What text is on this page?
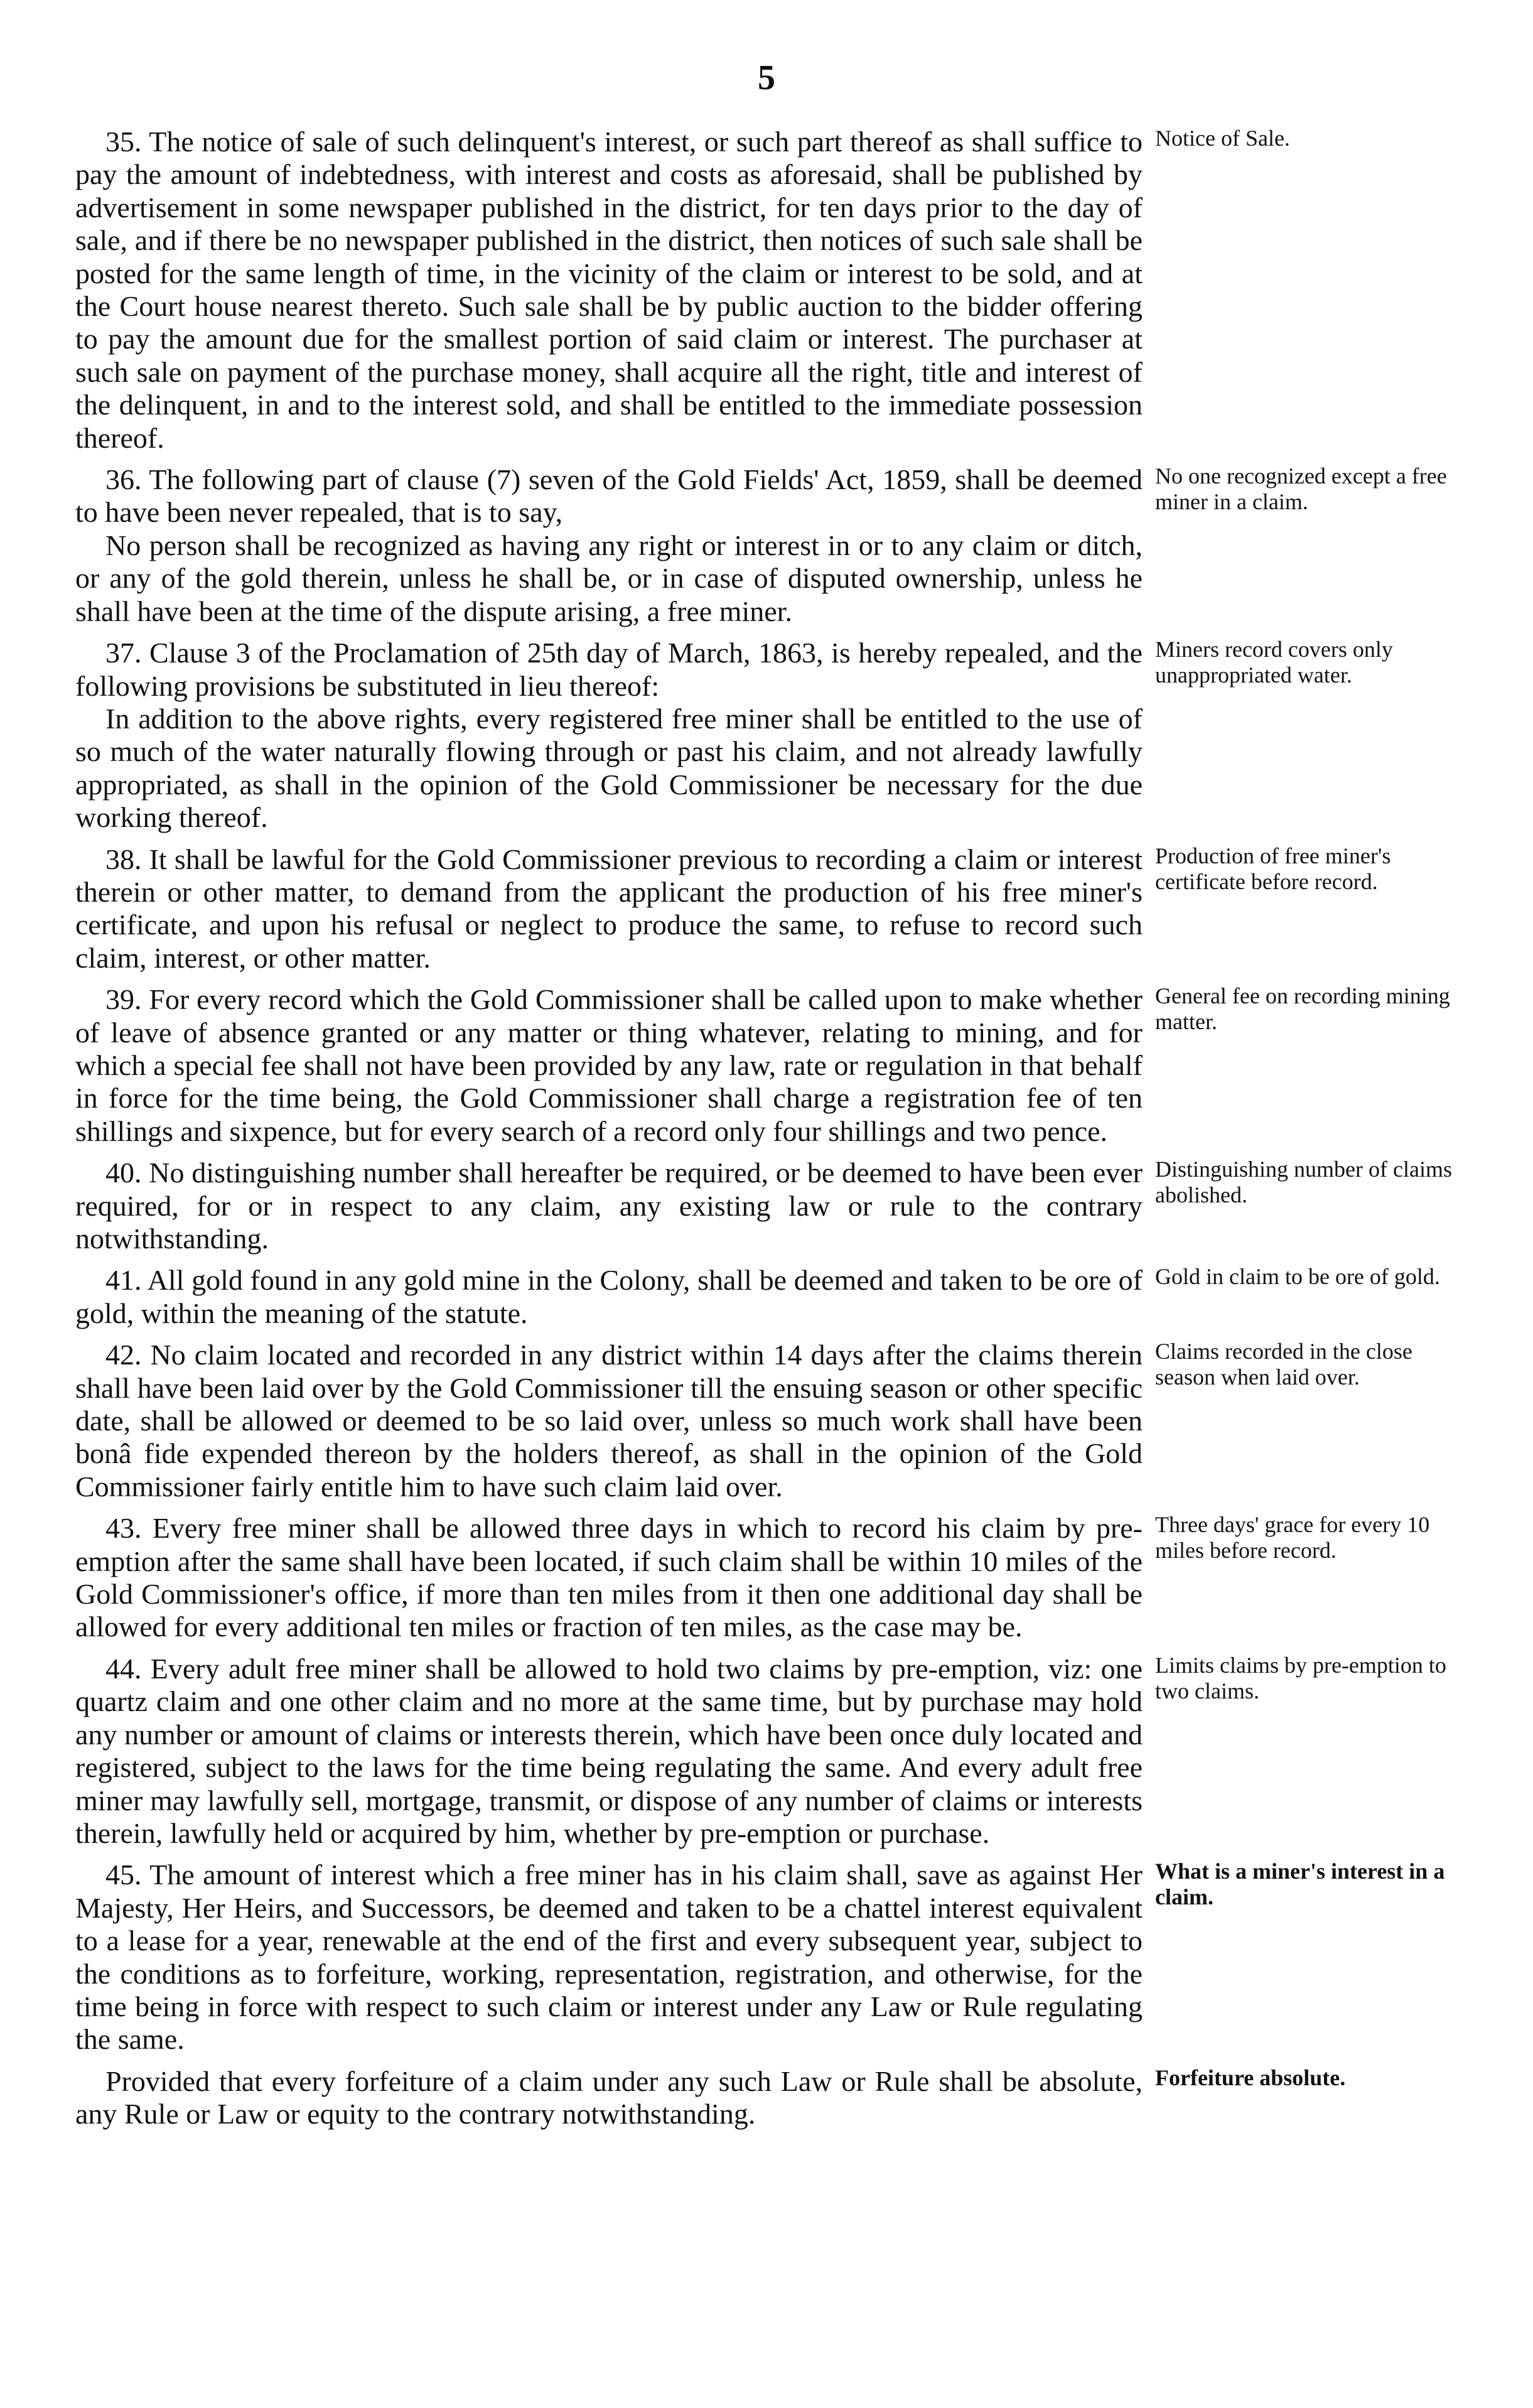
5

35. The notice of sale of such delinquent's interest, or such part thereof as shall suffice to pay the amount of indebtedness, with interest and costs as aforesaid, shall be published by advertisement in some newspaper published in the district, for ten days prior to the day of sale, and if there be no newspaper published in the district, then notices of such sale shall be posted for the same length of time, in the vicinity of the claim or interest to be sold, and at the Court house nearest thereto. Such sale shall be by public auction to the bidder offering to pay the amount due for the smallest portion of said claim or interest. The purchaser at such sale on payment of the purchase money, shall acquire all the right, title and interest of the delinquent, in and to the interest sold, and shall be entitled to the immediate possession thereof.

36. The following part of clause (7) seven of the Gold Fields' Act, 1859, shall be deemed to have been never repealed, that is to say,

No person shall be recognized as having any right or interest in or to any claim or ditch, or any of the gold therein, unless he shall be, or in case of disputed ownership, unless he shall have been at the time of the dispute arising, a free miner.

37. Clause 3 of the Proclamation of 25th day of March, 1863, is hereby repealed, and the following provisions be substituted in lieu thereof:

In addition to the above rights, every registered free miner shall be entitled to the use of so much of the water naturally flowing through or past his claim, and not already lawfully appropriated, as shall in the opinion of the Gold Commissioner be necessary for the due working thereof.

38. It shall be lawful for the Gold Commissioner previous to recording a claim or interest therein or other matter, to demand from the applicant the production of his free miner's certificate, and upon his refusal or neglect to produce the same, to refuse to record such claim, interest, or other matter.

39. For every record which the Gold Commissioner shall be called upon to make whether of leave of absence granted or any matter or thing whatever, relating to mining, and for which a special fee shall not have been provided by any law, rate or regulation in that behalf in force for the time being, the Gold Commissioner shall charge a registration fee of ten shillings and sixpence, but for every search of a record only four shillings and two pence.

40. No distinguishing number shall hereafter be required, or be deemed to have been ever required, for or in respect to any claim, any existing law or rule to the contrary notwithstanding.

41. All gold found in any gold mine in the Colony, shall be deemed and taken to be ore of gold, within the meaning of the statute.

42. No claim located and recorded in any district within 14 days after the claims therein shall have been laid over by the Gold Commissioner till the ensuing season or other specific date, shall be allowed or deemed to be so laid over, unless so much work shall have been bonâ fide expended thereon by the holders thereof, as shall in the opinion of the Gold Commissioner fairly entitle him to have such claim laid over.

43. Every free miner shall be allowed three days in which to record his claim by pre-emption after the same shall have been located, if such claim shall be within 10 miles of the Gold Commissioner's office, if more than ten miles from it then one additional day shall be allowed for every additional ten miles or fraction of ten miles, as the case may be.

44. Every adult free miner shall be allowed to hold two claims by pre-emption, viz: one quartz claim and one other claim and no more at the same time, but by purchase may hold any number or amount of claims or interests therein, which have been once duly located and registered, subject to the laws for the time being regulating the same. And every adult free miner may lawfully sell, mortgage, transmit, or dispose of any number of claims or interests therein, lawfully held or acquired by him, whether by pre-emption or purchase.

45. The amount of interest which a free miner has in his claim shall, save as against Her Majesty, Her Heirs, and Successors, be deemed and taken to be a chattel interest equivalent to a lease for a year, renewable at the end of the first and every subsequent year, subject to the conditions as to forfeiture, working, representation, registration, and otherwise, for the time being in force with respect to such claim or interest under any Law or Rule regulating the same.

Provided that every forfeiture of a claim under any such Law or Rule shall be absolute, any Rule or Law or equity to the contrary notwithstanding.

Notice of Sale.
No one recognized except a free miner in a claim.
Miners record covers only unappropriated water.
Production of free miner's certificate before record.
General fee on recording mining matter.
Distinguishing number of claims abolished.
Gold in claim to be ore of gold.
Claims recorded in the close season when laid over.
Three days' grace for every 10 miles before record.
Limits claims by pre-emption to two claims.
What is a miner's interest in a claim.
Forfeiture absolute.
